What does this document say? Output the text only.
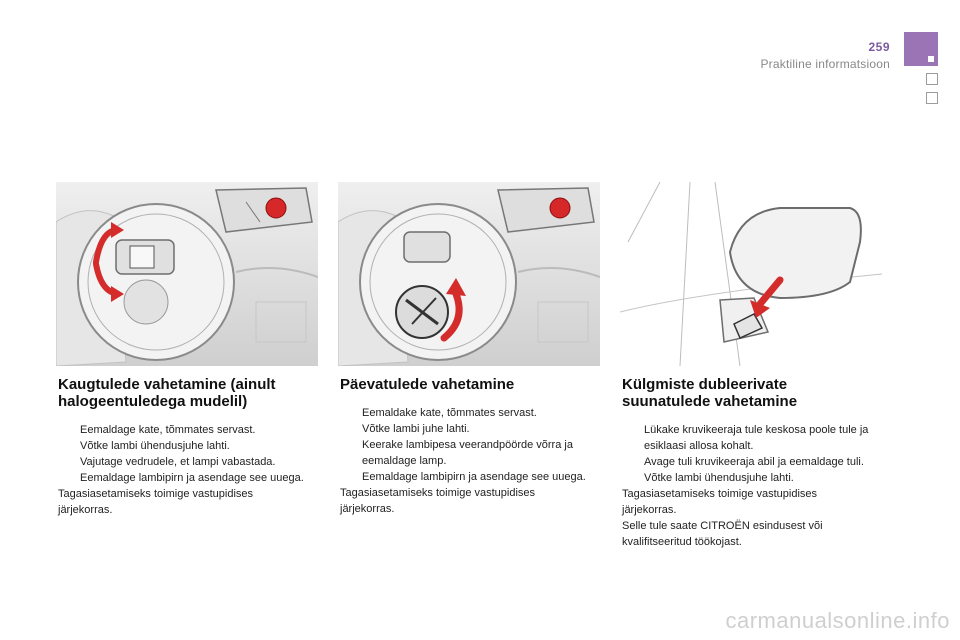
259
Praktiline informatsioon
Kaugtulede vahetamine (ainult halogeentuledega mudelil)
Eemaldage kate, tõmmates servast.
Võtke lambi ühendusjuhe lahti.
Vajutage vedrudele, et lampi vabastada.
Eemaldage lambipirn ja asendage see uuega.

Tagasiasetamiseks toimige vastupidises järjekorras.

Päevatulede vahetamine
Eemaldake kate, tõmmates servast.
Võtke lambi juhe lahti.
Keerake lambipesa veerandpöörde võrra ja eemaldage lamp.
Eemaldage lambipirn ja asendage see uuega.

Tagasiasetamiseks toimige vastupidises järjekorras.

Külgmiste dubleerivate suunatulede vahetamine
Lükake kruvikeeraja tule keskosa poole tule ja esiklaasi allosa kohalt.
Avage tuli kruvikeeraja abil ja eemaldage tuli.
Võtke lambi ühendusjuhe lahti.

Tagasiasetamiseks toimige vastupidises järjekorras.

Selle tule saate CITROËN esindusest või kvalifitseeritud töökojast.

carmanualsonline.info
